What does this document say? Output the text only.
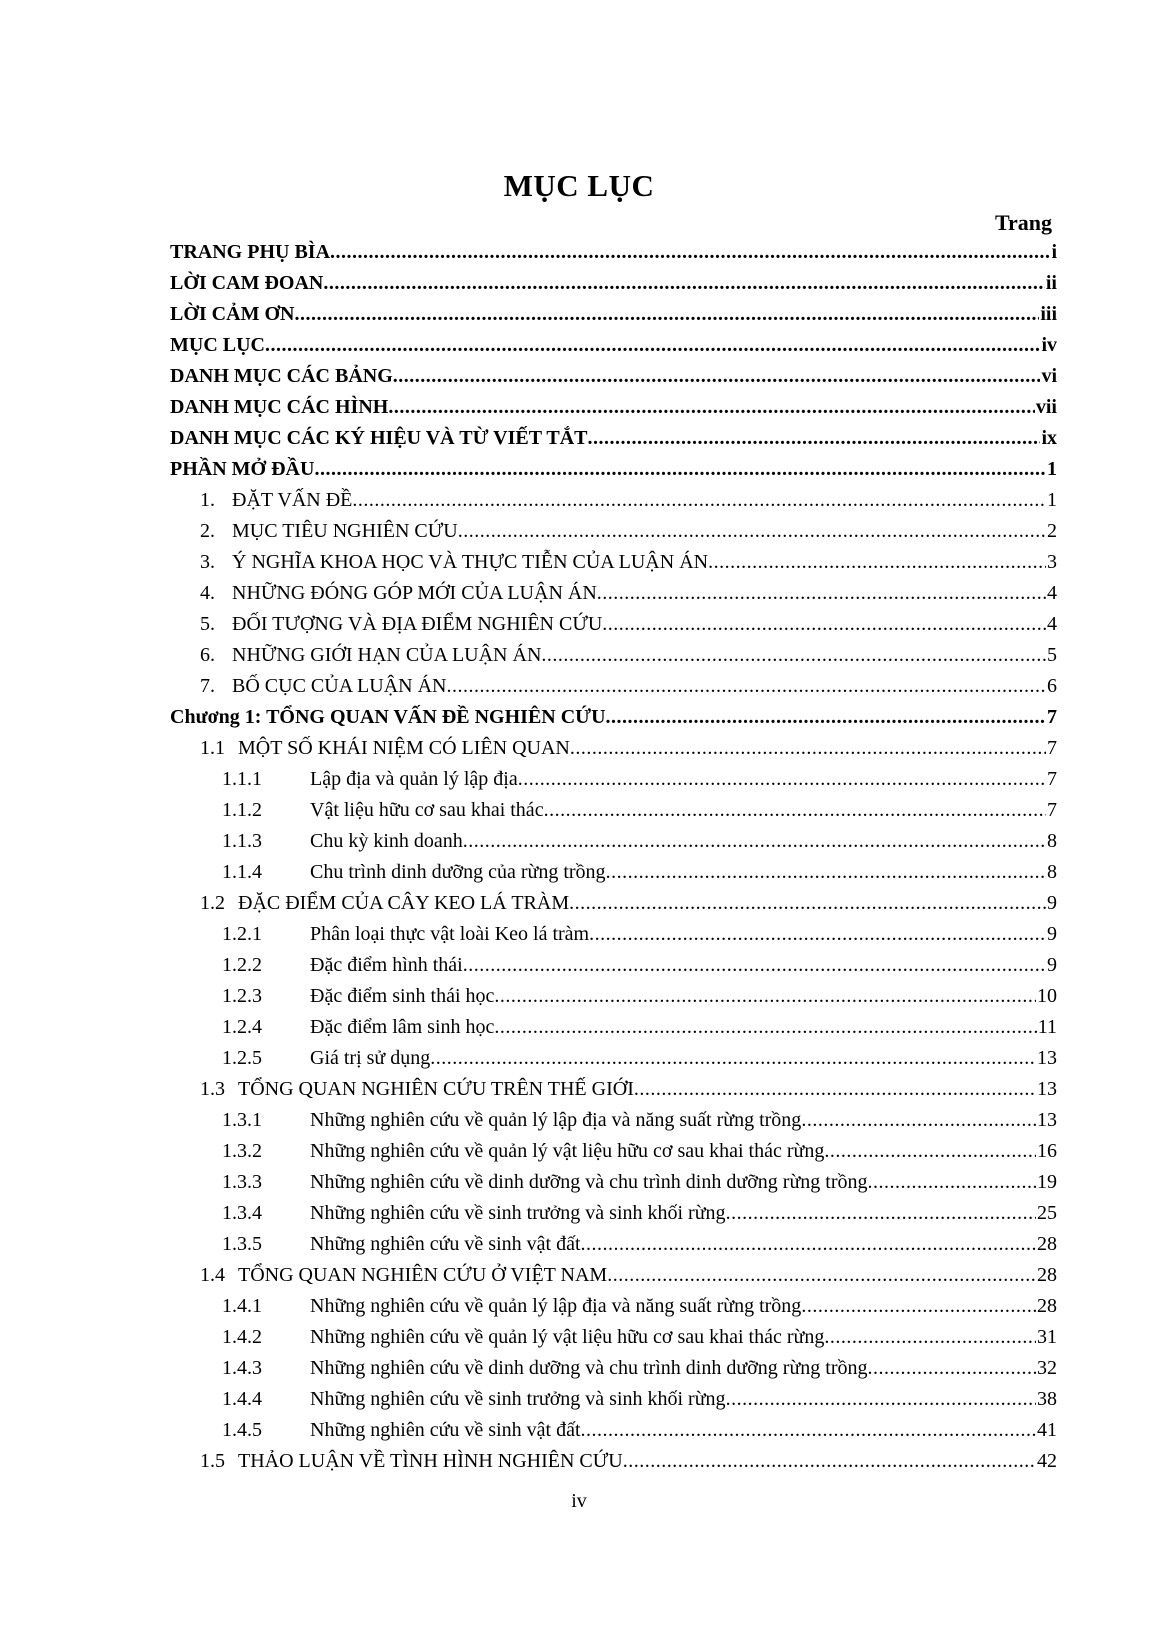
MỤC LỤC
Trang
TRANG PHỤ BÌA .....	i
LỜI CAM ĐOAN .....	ii
LỜI CẢM ƠN .....	iii
MỤC LỤC .....	iv
DANH MỤC CÁC BẢNG .....	vi
DANH MỤC CÁC HÌNH .....	vii
DANH MỤC CÁC KÝ HIỆU VÀ TỪ VIẾT TẮT .....	ix
PHẦN MỞ ĐẦU .....	1
1. ĐẶT VẤN ĐỀ .....	1
2. MỤC TIÊU NGHIÊN CỨU .....	2
3. Ý NGHĨA KHOA HỌC VÀ THỰC TIỄN CỦA LUẬN ÁN .....	3
4. NHỮNG ĐÓNG GÓP MỚI CỦA LUẬN ÁN .....	4
5. ĐỐI TƯỢNG VÀ ĐỊA ĐIỂM NGHIÊN CỨU .....	4
6. NHỮNG GIỚI HẠN CỦA LUẬN ÁN .....	5
7. BỐ CỤC CỦA LUẬN ÁN .....	6
Chương 1: TỔNG QUAN VẤN ĐỀ NGHIÊN CỨU .....	7
1.1 MỘT SỐ KHÁI NIỆM CÓ LIÊN QUAN .....	7
1.1.1	Lập địa và quản lý lập địa .....	7
1.1.2	Vật liệu hữu cơ sau khai thác .....	7
1.1.3	Chu kỳ kinh doanh .....	8
1.1.4	Chu trình dinh dưỡng của rừng trồng .....	8
1.2 ĐẶC ĐIỂM CỦA CÂY KEO LÁ TRÀM .....	9
1.2.1	Phân loại thực vật loài Keo lá tràm .....	9
1.2.2	Đặc điểm hình thái .....	9
1.2.3	Đặc điểm sinh thái học .....	10
1.2.4	Đặc điểm lâm sinh học .....	11
1.2.5	Giá trị sử dụng .....	13
1.3 TỔNG QUAN NGHIÊN CỨU TRÊN THẾ GIỚI .....	13
1.3.1	Những nghiên cứu về quản lý lập địa và năng suất rừng trồng .....	13
1.3.2	Những nghiên cứu về quản lý vật liệu hữu cơ sau khai thác rừng .....	16
1.3.3	Những nghiên cứu về dinh dưỡng và chu trình dinh dưỡng rừng trồng .....	19
1.3.4	Những nghiên cứu về sinh trưởng và sinh khối rừng .....	25
1.3.5	Những nghiên cứu về sinh vật đất .....	28
1.4 TỔNG QUAN NGHIÊN CỨU Ở VIỆT NAM .....	28
1.4.1	Những nghiên cứu về quản lý lập địa và năng suất rừng trồng .....	28
1.4.2	Những nghiên cứu về quản lý vật liệu hữu cơ sau khai thác rừng .....	31
1.4.3	Những nghiên cứu về dinh dưỡng và chu trình dinh dưỡng rừng trồng .....	32
1.4.4	Những nghiên cứu về sinh trưởng và sinh khối rừng .....	38
1.4.5	Những nghiên cứu về sinh vật đất .....	41
1.5 THẢO LUẬN VỀ TÌNH HÌNH NGHIÊN CỨU .....	42
iv
